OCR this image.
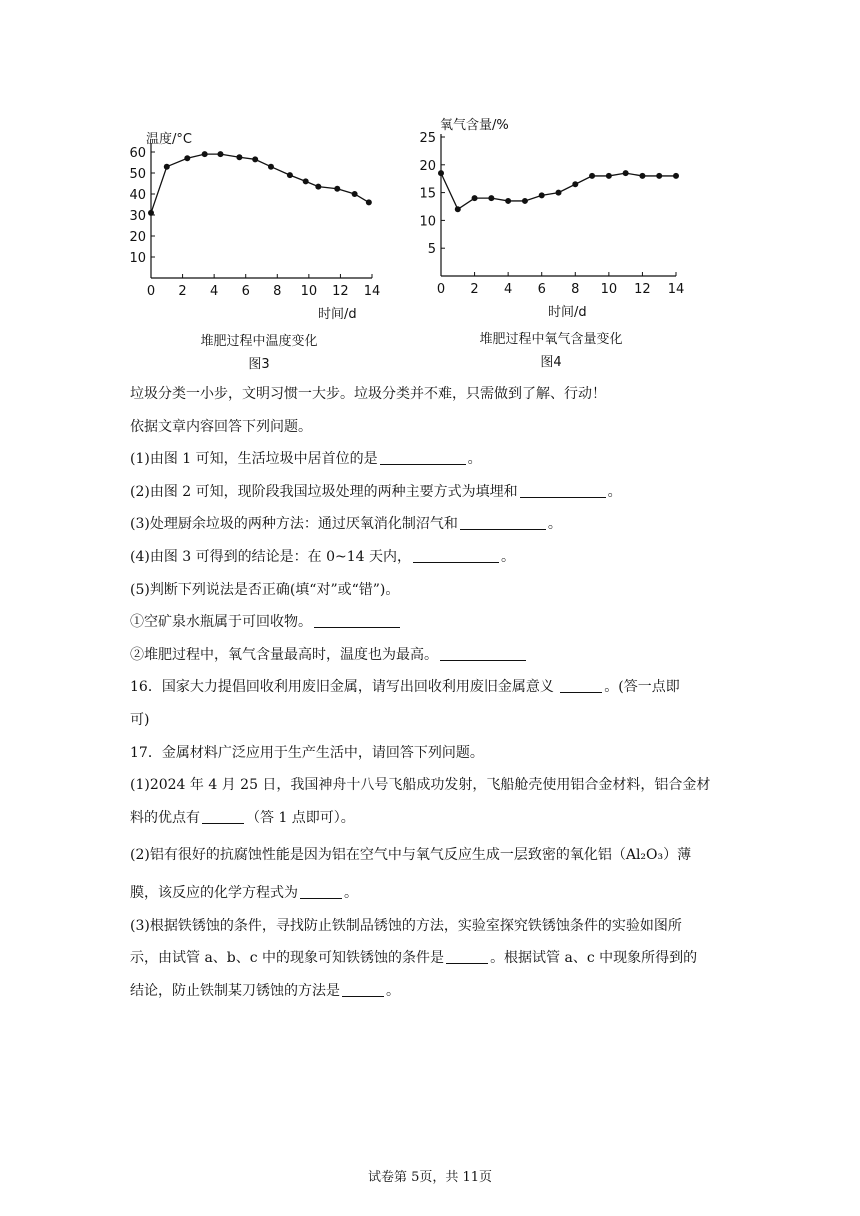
0 2 4 6 8 10 12 14
10
20
30
40
50
60
温度/°C
时间/d
堆肥过程中温度变化
图3
0 2 4 6 8 10 12 14
5
10
15
20
25
氧气含量/%
时间/d
堆肥过程中氧气含量变化
图4
垃圾分类一小步，文明习惯一大步。垃圾分类并不难，只需做到了解、行动！
依据文章内容回答下列问题。
(1)由图 1 可知，生活垃圾中居首位的是	。
(2)由图 2 可知，现阶段我国垃圾处理的两种主要方式为填埋和	。
(3)处理厨余垃圾的两种方法：通过厌氧消化制沼气和	。
(4)由图 3 可得到的结论是：在 0~14 天内，	。
(5)判断下列说法是否正确(填“对”或“错”)。
①空矿泉水瓶属于可回收物。
②堆肥过程中，氧气含量最高时，温度也为最高。
16．国家大力提倡回收利用废旧金属，请写出回收利用废旧金属意义	。(答一点即
可)
17．金属材料广泛应用于生产生活中，请回答下列问题。
(1)2024 年 4 月 25 日，我国神舟十八号飞船成功发射，飞船舱壳使用铝合金材料，铝合金材
料的优点有	（答 1 点即可）。
(2)铝有很好的抗腐蚀性能是因为铝在空气中与氧气反应生成一层致密的氧化铝（Al₂O₃）薄
膜，该反应的化学方程式为	。
(3)根据铁锈蚀的条件，寻找防止铁制品锈蚀的方法，实验室探究铁锈蚀条件的实验如图所
示，由试管 a、b、c 中的现象可知铁锈蚀的条件是	。根据试管 a、c 中现象所得到的
结论，防止铁制某刀锈蚀的方法是	。
试卷第 5页，共 11页
